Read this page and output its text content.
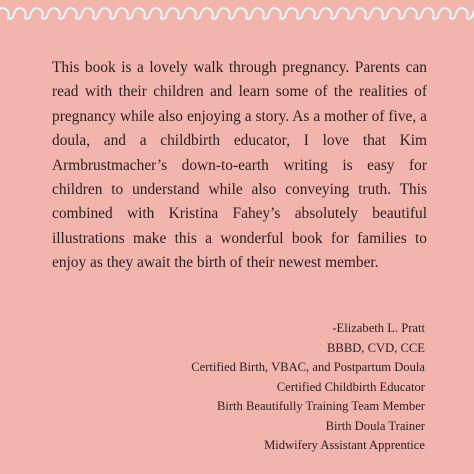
This book is a lovely walk through pregnancy. Parents can read with their children and learn some of the realities of pregnancy while also enjoying a story. As a mother of five, a doula, and a childbirth educator, I love that Kim Armbrustmacher’s down-to-earth writing is easy for children to understand while also conveying truth. This combined with Kristina Fahey’s absolutely beautiful illustrations make this a wonderful book for families to enjoy as they await the birth of their newest member.

-Elizabeth L. Pratt
BBBD, CVD, CCE
Certified Birth, VBAC, and Postpartum Doula
Certified Childbirth Educator
Birth Beautifully Training Team Member
Birth Doula Trainer
Midwifery Assistant Apprentice
